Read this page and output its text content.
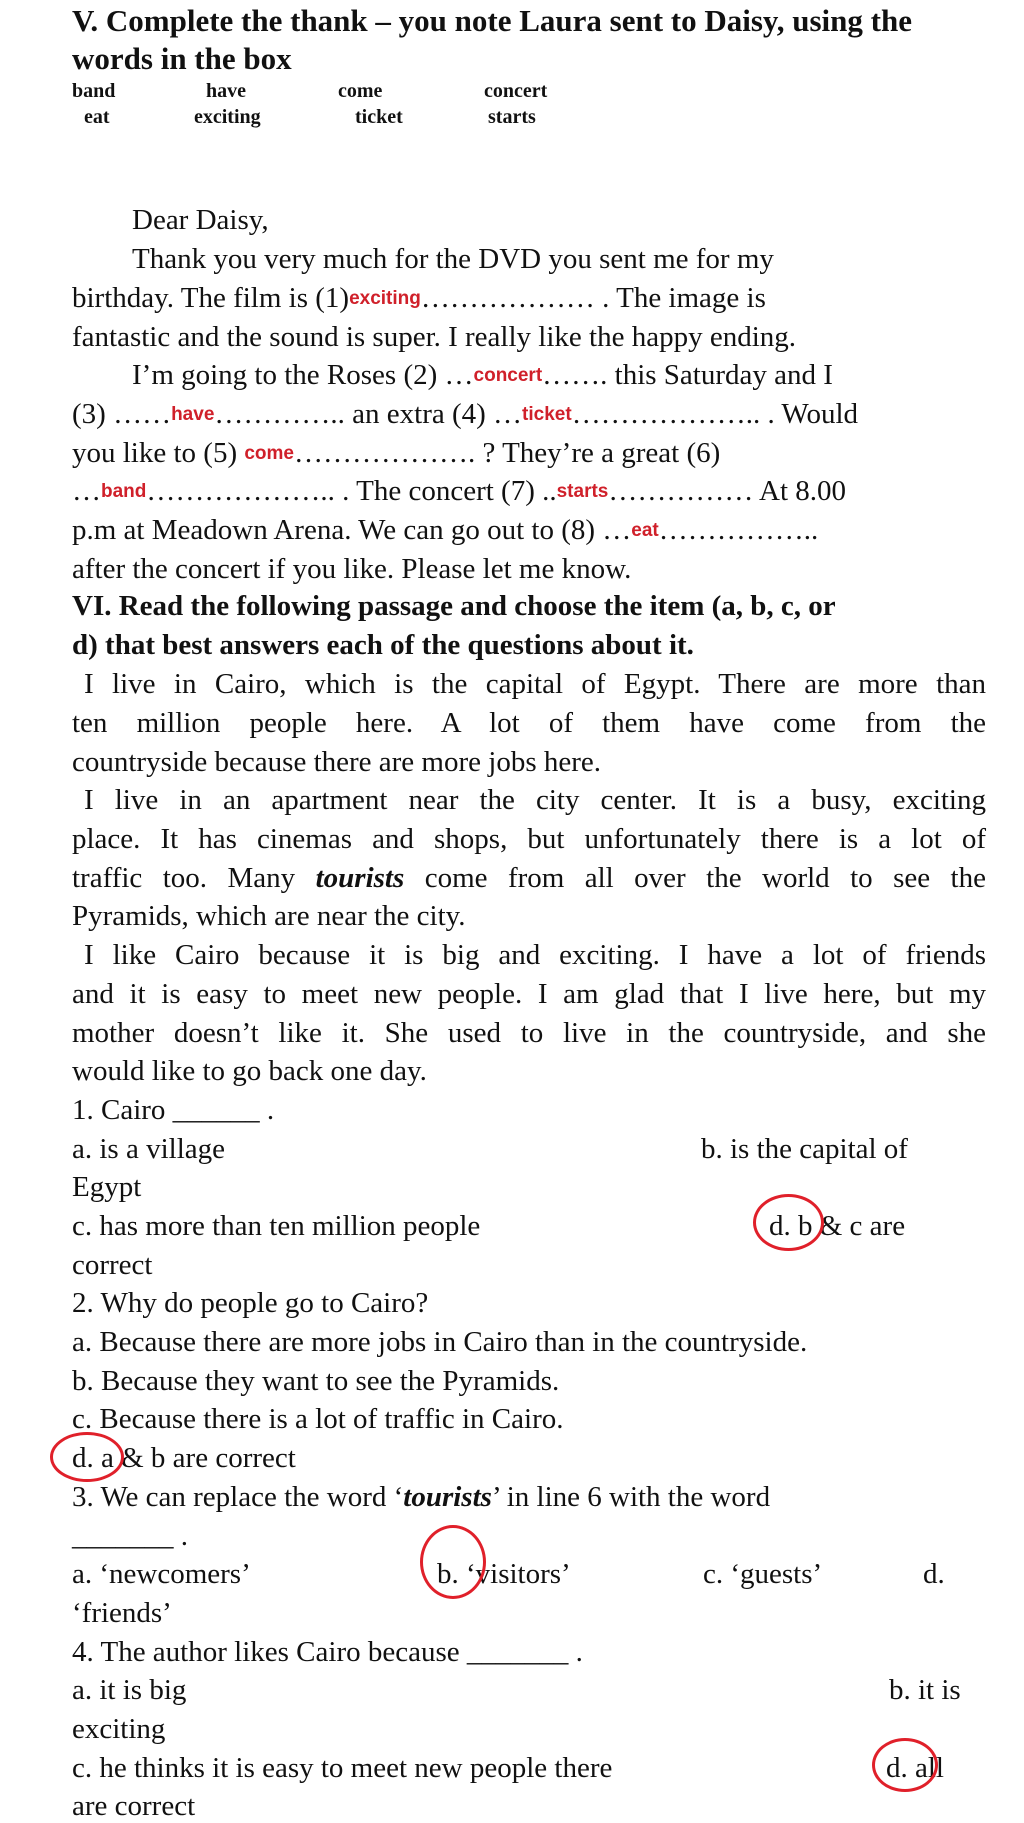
V. Complete the thank – you note Laura sent to Daisy, using the
words in the box
band	have	come	concert
eat	exciting	ticket	starts
Dear Daisy,
Thank you very much for the DVD you sent me for my
birthday. The film is (1)exciting……………… . The image is
fantastic and the sound is super. I really like the happy ending.
I’m going to the Roses (2) …concert……. this Saturday and I
(3) ……have………….. an extra (4) …ticket……………….. . Would
you like to (5) come………………. ? They’re a great (6)
…band……………….. . The concert (7) ..starts…………… At 8.00
p.m at Meadown Arena. We can go out to (8) …eat……………..
after the concert if you like. Please let me know.
VI. Read the following passage and choose the item (a, b, c, or
d) that best answers each of the questions about it.
I live in Cairo, which is the capital of Egypt. There are more than
ten million people here. A lot of them have come from the
countryside because there are more jobs here.
I live in an apartment near the city center. It is a busy, exciting
place. It has cinemas and shops, but unfortunately there is a lot of
traffic too. Many tourists come from all over the world to see the
Pyramids, which are near the city.
I like Cairo because it is big and exciting. I have a lot of friends
and it is easy to meet new people. I am glad that I live here, but my
mother doesn’t like it. She used to live in the countryside, and she
would like to go back one day.
1. Cairo ______ .
a. is a village	b. is the capital of
Egypt
c. has more than ten million people	d. b & c are
correct
2. Why do people go to Cairo?
a. Because there are more jobs in Cairo than in the countryside.
b. Because they want to see the Pyramids.
c. Because there is a lot of traffic in Cairo.
d. a & b are correct
3. We can replace the word ‘tourists’ in line 6 with the word
_______ .
a. ‘newcomers’	b. ‘visitors’	c. ‘guests’	d.
‘friends’
4. The author likes Cairo because _______ .
a. it is big	b. it is
exciting
c. he thinks it is easy to meet new people there	d. all
are correct
